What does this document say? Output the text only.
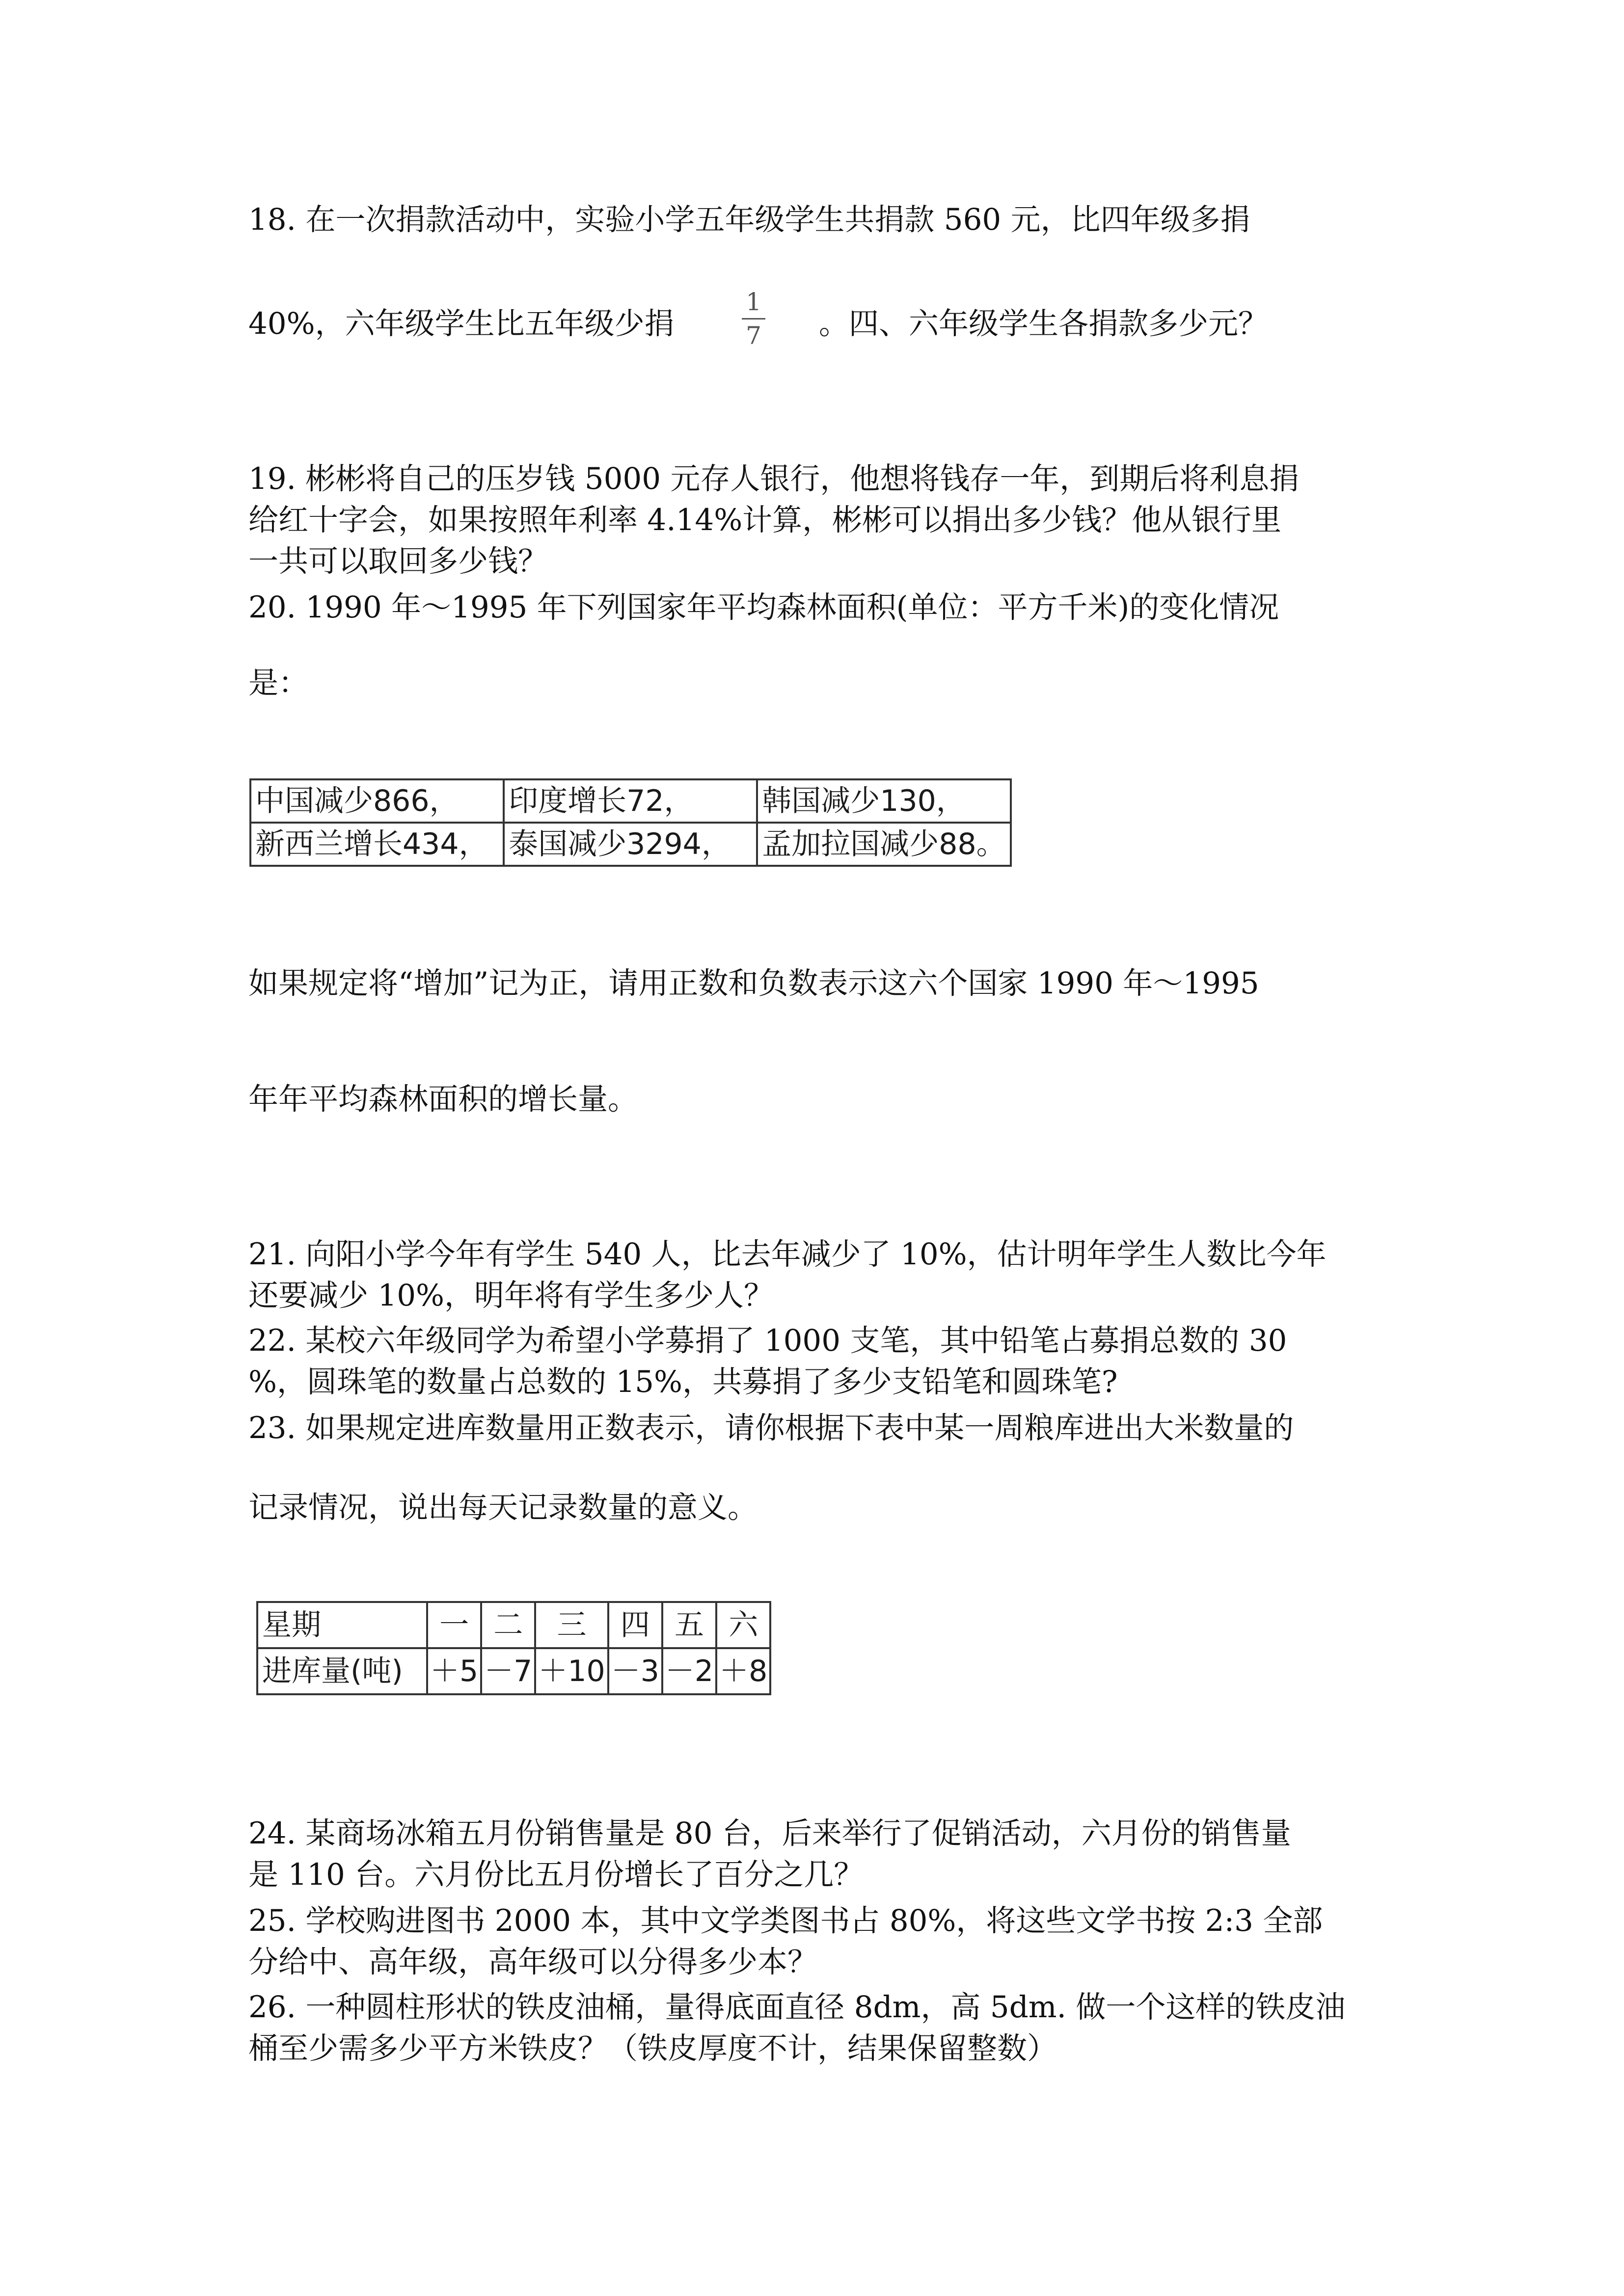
18. 在一次捐款活动中，实验小学五年级学生共捐款 560 元，比四年级多捐

40%，六年级学生比五年级少捐

1
7 。四、六年级学生各捐款多少元？

19. 彬彬将自己的压岁钱 5000 元存人银行，他想将钱存一年，到期后将利息捐

给红十字会，如果按照年利率 4.14%计算，彬彬可以捐出多少钱？他从银行里

一共可以取回多少钱？

20. 1990 年～1995 年下列国家年平均森林面积(单位：平方千米)的变化情况

是：

中国减少866，	印度增长72，	韩国减少130，
新西兰增长434，	泰国减少3294，	孟加拉国减少88。

如果规定将“增加”记为正，请用正数和负数表示这六个国家 1990 年～1995

年年平均森林面积的增长量。

21. 向阳小学今年有学生 540 人，比去年减少了 10%，估计明年学生人数比今年

还要减少 10%，明年将有学生多少人？

22. 某校六年级同学为希望小学募捐了 1000 支笔，其中铅笔占募捐总数的 30

%，圆珠笔的数量占总数的 15%，共募捐了多少支铅笔和圆珠笔?

23. 如果规定进库数量用正数表示，请你根据下表中某一周粮库进出大米数量的

记录情况，说出每天记录数量的意义。

星期	一	二	三	四	五	六
进库量(吨)	＋5	－7	＋10	－3	－2	＋8

24. 某商场冰箱五月份销售量是 80 台，后来举行了促销活动，六月份的销售量

是 110 台。六月份比五月份增长了百分之几？

25. 学校购进图书 2000 本，其中文学类图书占 80%，将这些文学书按 2:3 全部

分给中、高年级，高年级可以分得多少本？

26. 一种圆柱形状的铁皮油桶，量得底面直径 8dm，高 5dm. 做一个这样的铁皮油

桶至少需多少平方米铁皮？（铁皮厚度不计，结果保留整数）
